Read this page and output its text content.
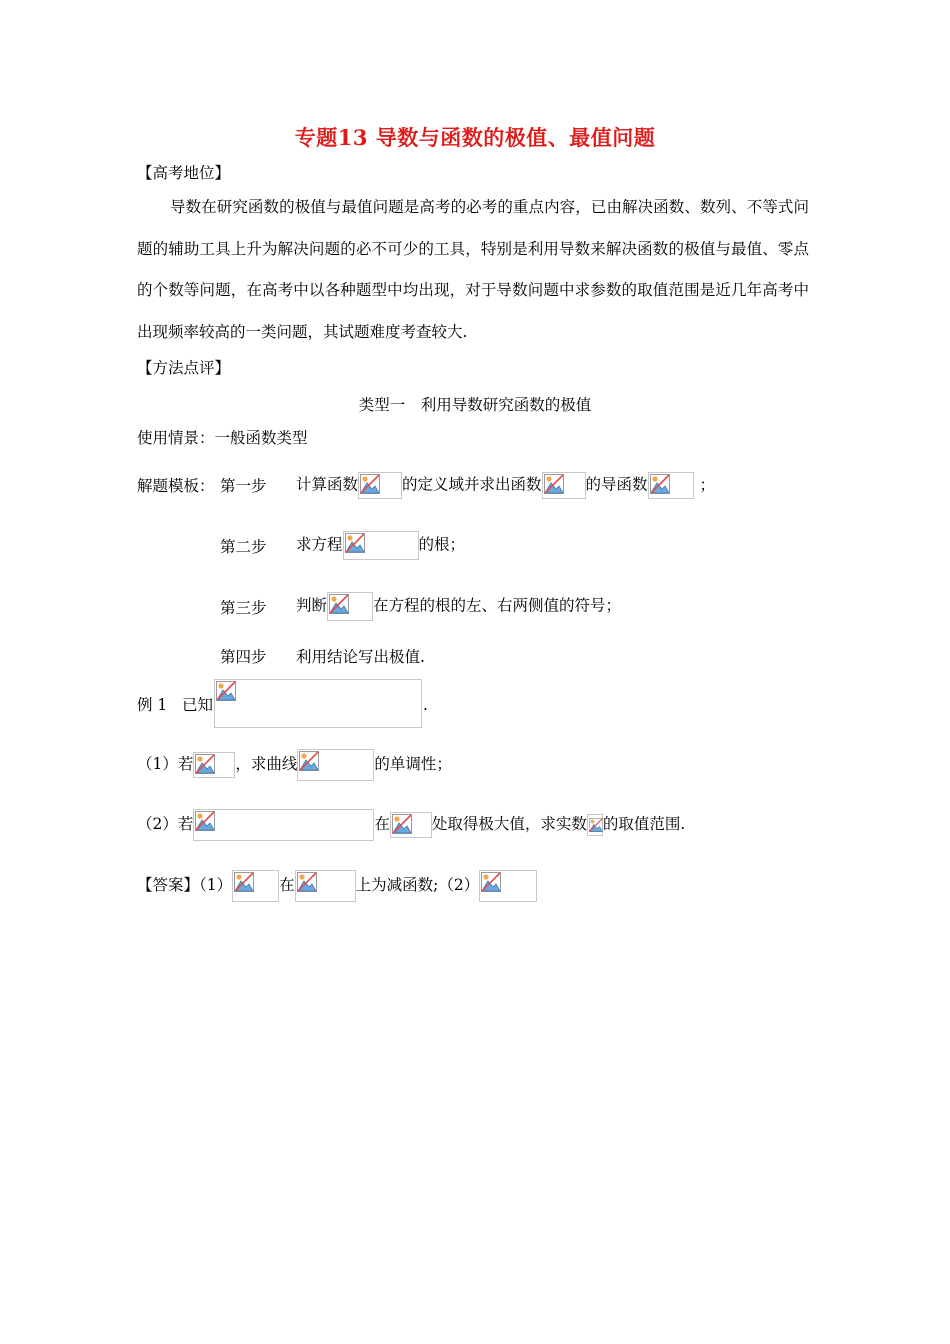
专题13 导数与函数的极值、最值问题
【高考地位】
导数在研究函数的极值与最值问题是高考的必考的重点内容，已由解决函数、数列、不等式问题的辅助工具上升为解决问题的必不可少的工具，特别是利用导数来解决函数的极值与最值、零点的个数等问题，在高考中以各种题型中均出现，对于导数问题中求参数的取值范围是近几年高考中出现频率较高的一类问题，其试题难度考查较大.
【方法点评】
类型一　利用导数研究函数的极值
使用情景：一般函数类型
解题模板： 第一步 计算函数	的定义域并求出函数	的导函数	；
第二步 求方程	的根；
第三步 判断	在方程的根的左、右两侧值的符号；
第四步 利用结论写出极值.
例 1 已知	.
（1）若	，求曲线	的单调性；
（2）若	在	处取得极大值，求实数 的取值范围.
【答案】（1）	在	上为减函数;（2）
